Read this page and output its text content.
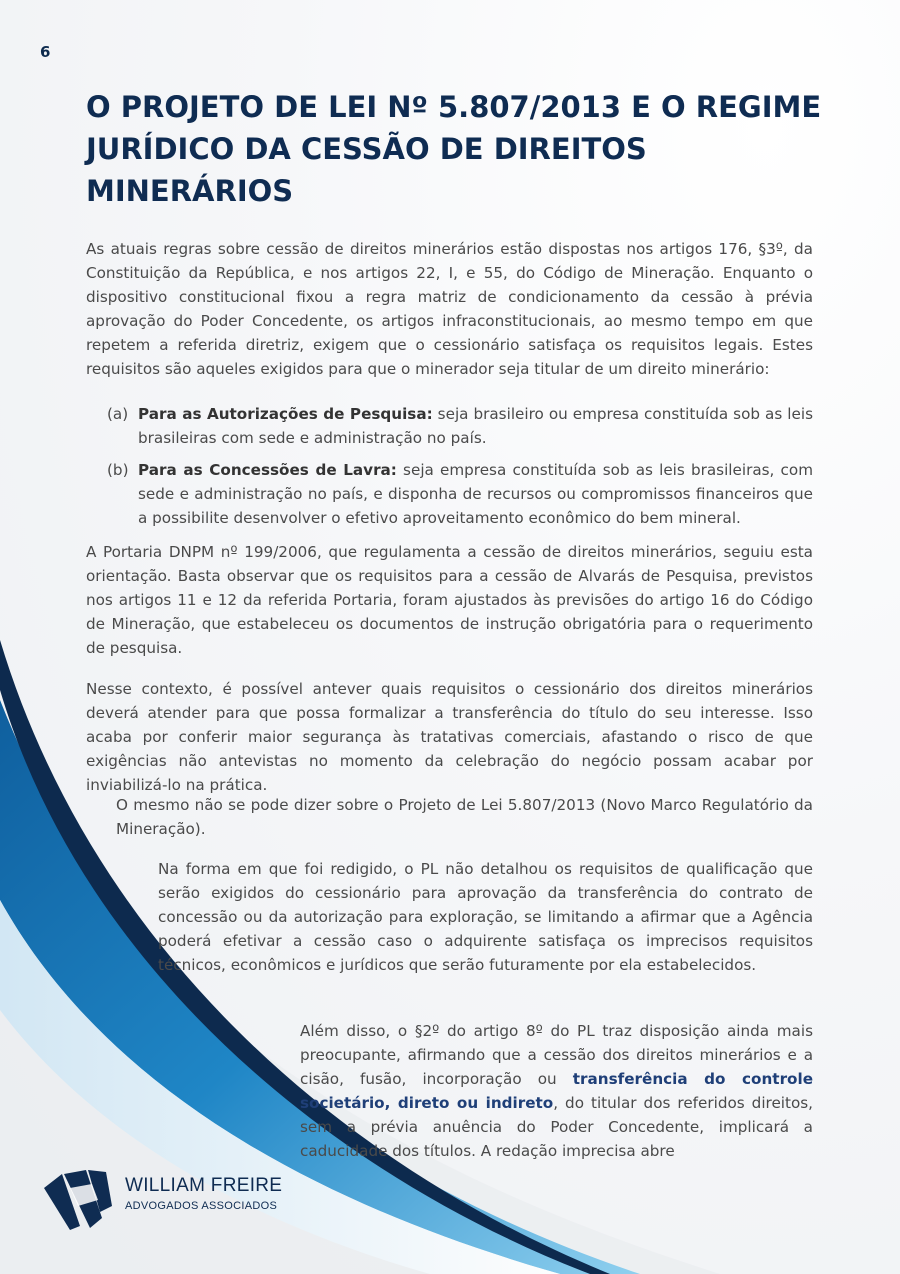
6
O PROJETO DE LEI Nº 5.807/2013 E O REGIME JURÍDICO DA CESSÃO DE DIREITOS MINERÁRIOS

As atuais regras sobre cessão de direitos minerários estão dispostas nos artigos 176, §3º, da Constituição da República, e nos artigos 22, I, e 55, do Código de Mineração. Enquanto o dispositivo constitucional fixou a regra matriz de condicionamento da cessão à prévia aprovação do Poder Concedente, os artigos infraconstitucionais, ao mesmo tempo em que repetem a referida diretriz, exigem que o cessionário satisfaça os requisitos legais. Estes requisitos são aqueles exigidos para que o minerador seja titular de um direito minerário:

(a) Para as Autorizações de Pesquisa: seja brasileiro ou empresa constituída sob as leis brasileiras com sede e administração no país.
(b) Para as Concessões de Lavra: seja empresa constituída sob as leis brasileiras, com sede e administração no país, e disponha de recursos ou compromissos financeiros que a possibilite desenvolver o efetivo aproveitamento econômico do bem mineral.

A Portaria DNPM nº 199/2006, que regulamenta a cessão de direitos minerários, seguiu esta orientação. Basta observar que os requisitos para a cessão de Alvarás de Pesquisa, previstos nos artigos 11 e 12 da referida Portaria, foram ajustados às previsões do artigo 16 do Código de Mineração, que estabeleceu os documentos de instrução obrigatória para o requerimento de pesquisa.

Nesse contexto, é possível antever quais requisitos o cessionário dos direitos minerários deverá atender para que possa formalizar a transferência do título do seu interesse. Isso acaba por conferir maior segurança às tratativas comerciais, afastando o risco de que exigências não antevistas no momento da celebração do negócio possam acabar por inviabilizá-lo na prática.

O mesmo não se pode dizer sobre o Projeto de Lei 5.807/2013 (Novo Marco Regulatório da Mineração).

Na forma em que foi redigido, o PL não detalhou os requisitos de qualificação que serão exigidos do cessionário para aprovação da transferência do contrato de concessão ou da autorização para exploração, se limitando a afirmar que a Agência poderá efetivar a cessão caso o adquirente satisfaça os imprecisos requisitos técnicos, econômicos e jurídicos que serão futuramente por ela estabelecidos.

Além disso, o §2º do artigo 8º do PL traz disposição ainda mais preocupante, afirmando que a cessão dos direitos minerários e a cisão, fusão, incorporação ou transferência do controle societário, direto ou indireto, do titular dos referidos direitos, sem a prévia anuência do Poder Concedente, implicará a caducidade dos títulos. A redação imprecisa abre

WILLIAM FREIRE
ADVOGADOS ASSOCIADOS
